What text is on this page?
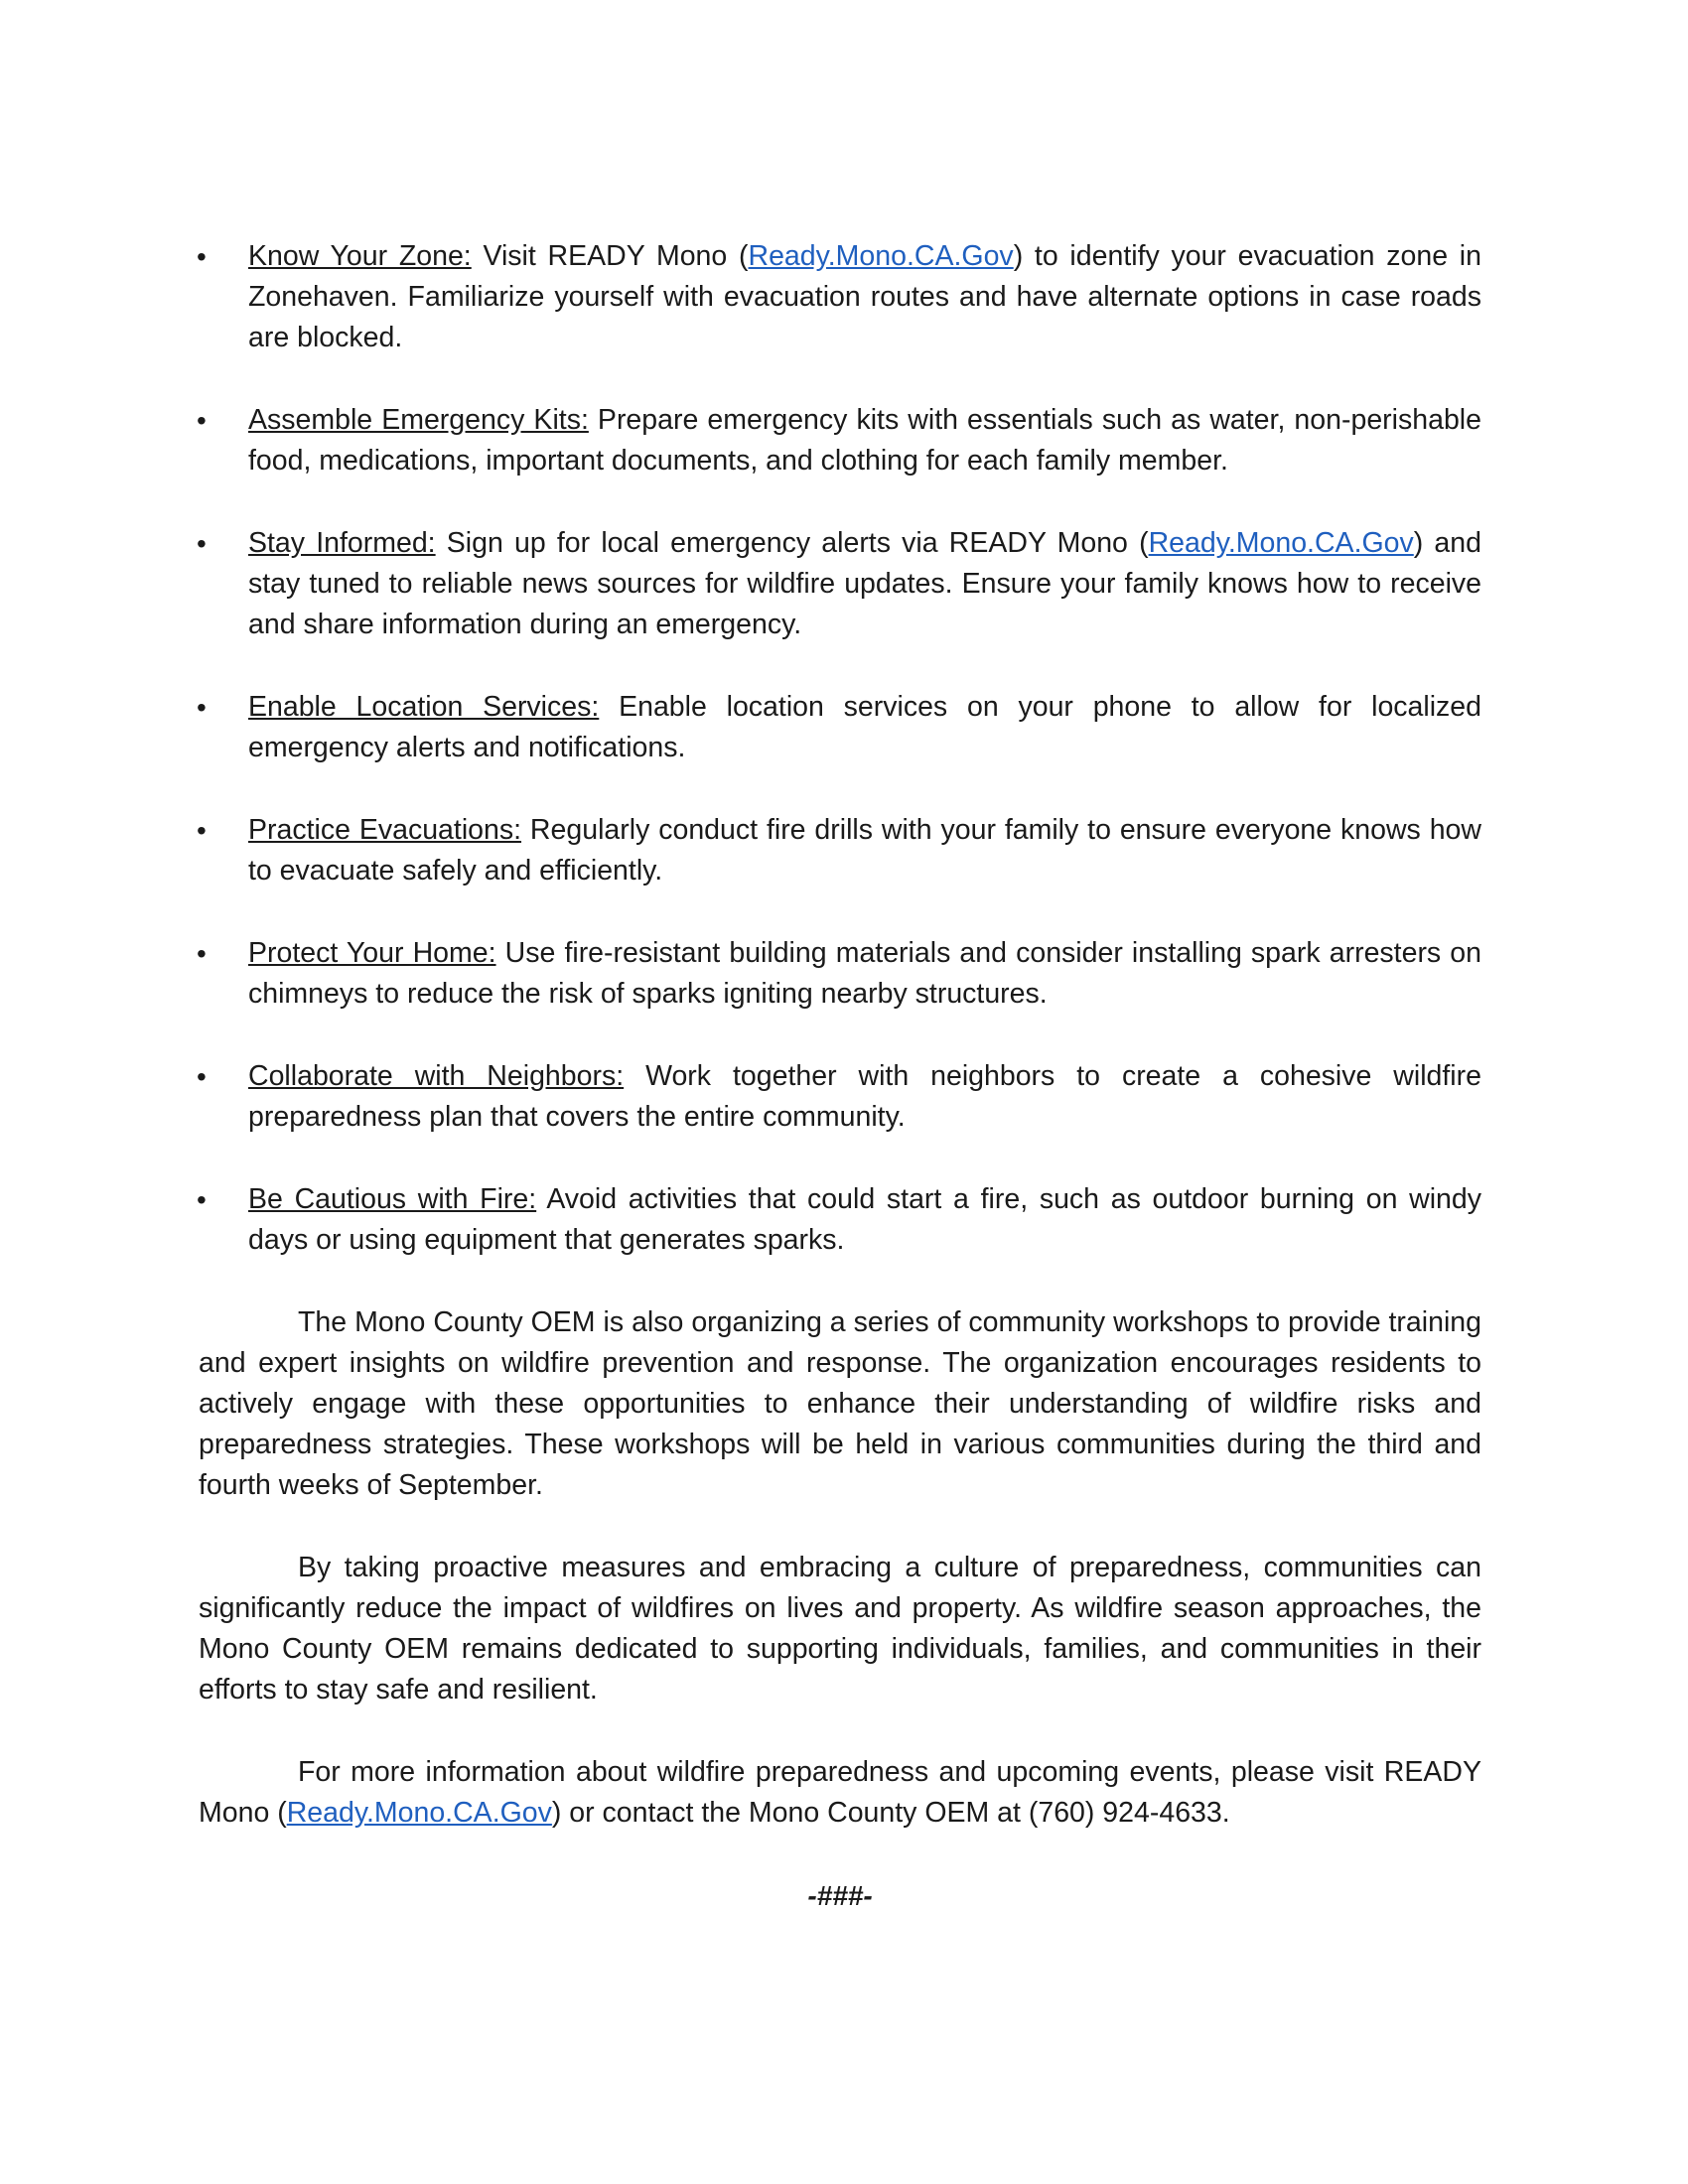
•	Know Your Zone: Visit READY Mono (Ready.Mono.CA.Gov) to identify your evacuation zone in Zonehaven. Familiarize yourself with evacuation routes and have alternate options in case roads are blocked.
•	Assemble Emergency Kits: Prepare emergency kits with essentials such as water, non-perishable food, medications, important documents, and clothing for each family member.
•	Stay Informed: Sign up for local emergency alerts via READY Mono (Ready.Mono.CA.Gov) and stay tuned to reliable news sources for wildfire updates. Ensure your family knows how to receive and share information during an emergency.
•	Enable Location Services: Enable location services on your phone to allow for localized emergency alerts and notifications.
•	Practice Evacuations: Regularly conduct fire drills with your family to ensure everyone knows how to evacuate safely and efficiently.
•	Protect Your Home: Use fire-resistant building materials and consider installing spark arresters on chimneys to reduce the risk of sparks igniting nearby structures.
•	Collaborate with Neighbors: Work together with neighbors to create a cohesive wildfire preparedness plan that covers the entire community.
•	Be Cautious with Fire: Avoid activities that could start a fire, such as outdoor burning on windy days or using equipment that generates sparks.

The Mono County OEM is also organizing a series of community workshops to provide training and expert insights on wildfire prevention and response. The organization encourages residents to actively engage with these opportunities to enhance their understanding of wildfire risks and preparedness strategies. These workshops will be held in various communities during the third and fourth weeks of September.

By taking proactive measures and embracing a culture of preparedness, communities can significantly reduce the impact of wildfires on lives and property. As wildfire season approaches, the Mono County OEM remains dedicated to supporting individuals, families, and communities in their efforts to stay safe and resilient.

For more information about wildfire preparedness and upcoming events, please visit READY Mono (Ready.Mono.CA.Gov) or contact the Mono County OEM at (760) 924-4633.

-###-
